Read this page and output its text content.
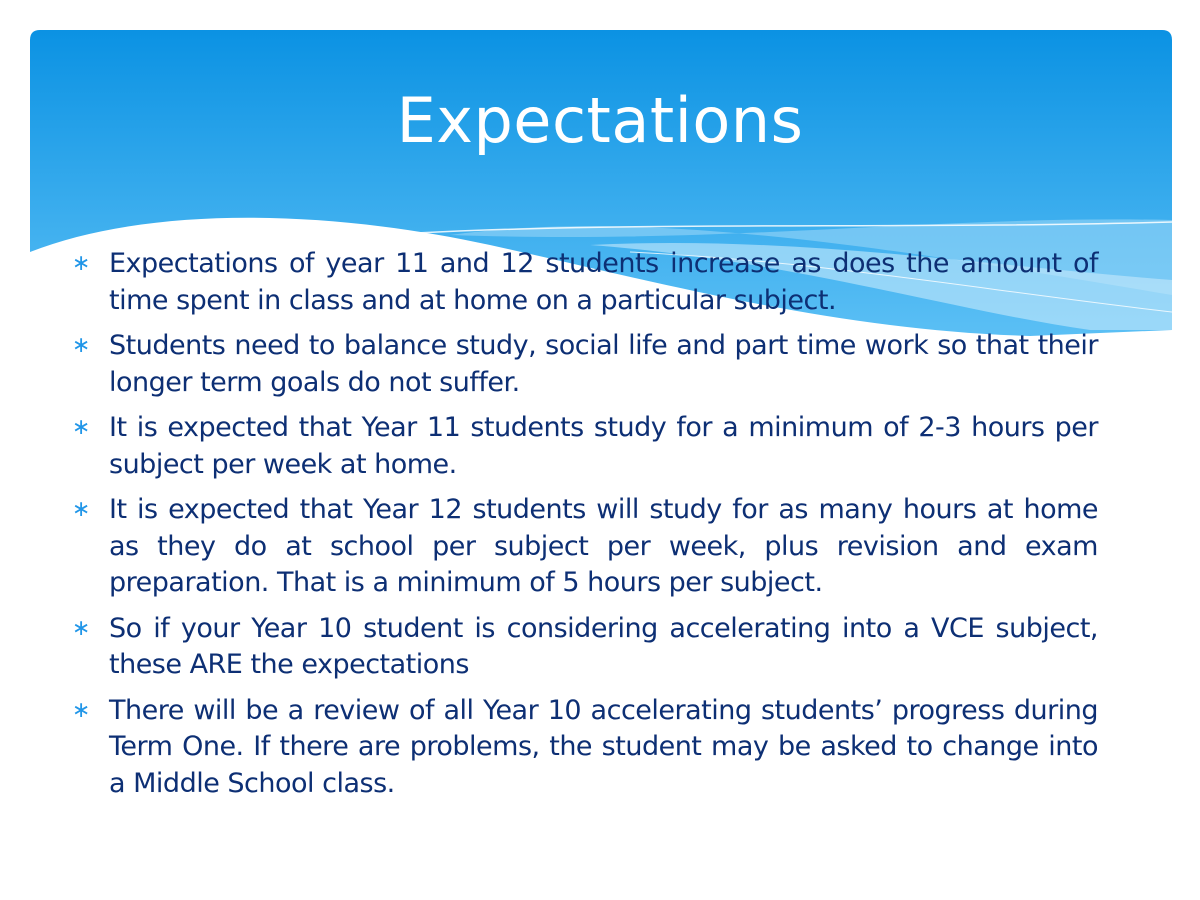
Expectations
∗ Expectations of year 11 and 12 students increase as does the amount of time spent in class and at home on a particular subject.
∗ Students need to balance study, social life and part time work so that their longer term goals do not suffer.
∗ It is expected that Year 11 students study for a minimum of 2-3 hours per subject per week at home.
∗ It is expected that Year 12 students will study for as many hours at home as they do at school per subject per week, plus revision and exam preparation. That is a minimum of 5 hours per subject.
∗ So if your Year 10 student is considering accelerating into a VCE subject, these ARE the expectations
∗ There will be a review of all Year 10 accelerating students’ progress during Term One. If there are problems, the student may be asked to change into a Middle School class.
